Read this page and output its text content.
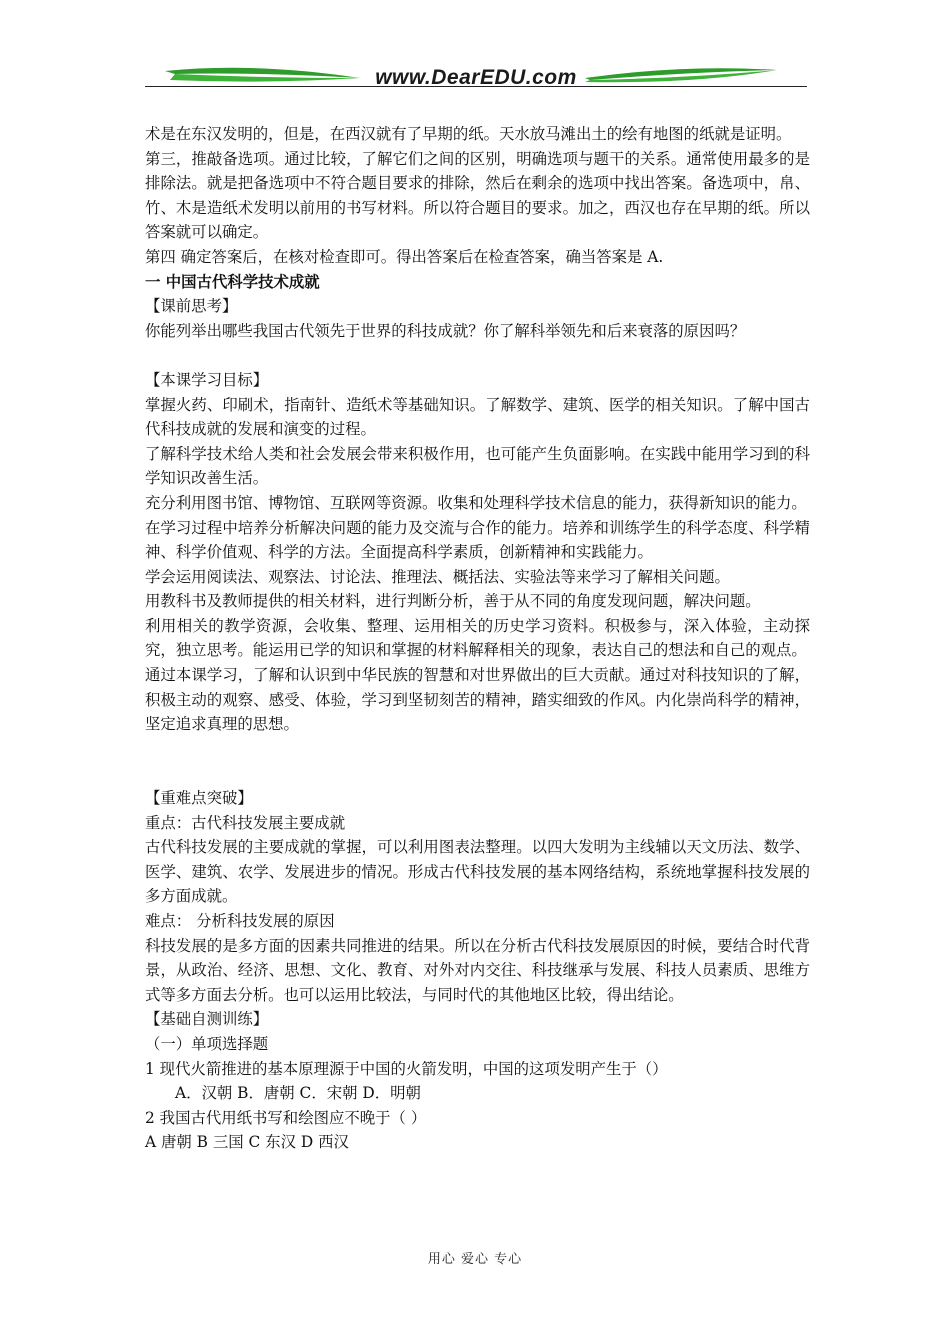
www.DearEDU.com

术是在东汉发明的，但是，在西汉就有了早期的纸。天水放马滩出土的绘有地图的纸就是证明。

第三，推敲备选项。通过比较，了解它们之间的区别，明确选项与题干的关系。通常使用最多的是排除法。就是把备选项中不符合题目要求的排除，然后在剩余的选项中找出答案。备选项中，帛、竹、木是造纸术发明以前用的书写材料。所以符合题目的要求。加之，西汉也存在早期的纸。所以答案就可以确定。

第四 确定答案后，在核对检查即可。得出答案后在检查答案，确当答案是 A.

一 中国古代科学技术成就

【课前思考】

你能列举出哪些我国古代领先于世界的科技成就？你了解科举领先和后来衰落的原因吗？

【本课学习目标】

掌握火药、印刷术，指南针、造纸术等基础知识。了解数学、建筑、医学的相关知识。了解中国古代科技成就的发展和演变的过程。

了解科学技术给人类和社会发展会带来积极作用，也可能产生负面影响。在实践中能用学习到的科学知识改善生活。

充分利用图书馆、博物馆、互联网等资源。收集和处理科学技术信息的能力，获得新知识的能力。

在学习过程中培养分析解决问题的能力及交流与合作的能力。培养和训练学生的科学态度、科学精神、科学价值观、科学的方法。全面提高科学素质，创新精神和实践能力。

学会运用阅读法、观察法、讨论法、推理法、概括法、实验法等来学习了解相关问题。

用教科书及教师提供的相关材料，进行判断分析，善于从不同的角度发现问题，解决问题。

利用相关的教学资源，会收集、整理、运用相关的历史学习资料。积极参与，深入体验，主动探究，独立思考。能运用已学的知识和掌握的材料解释相关的现象，表达自己的想法和自己的观点。

通过本课学习，了解和认识到中华民族的智慧和对世界做出的巨大贡献。通过对科技知识的了解，积极主动的观察、感受、体验，学习到坚韧刻苦的精神，踏实细致的作风。内化崇尚科学的精神，坚定追求真理的思想。

【重难点突破】

重点：古代科技发展主要成就

古代科技发展的主要成就的掌握，可以利用图表法整理。以四大发明为主线辅以天文历法、数学、医学、建筑、农学、发展进步的情况。形成古代科技发展的基本网络结构，系统地掌握科技发展的多方面成就。

难点： 分析科技发展的原因

科技发展的是多方面的因素共同推进的结果。所以在分析古代科技发展原因的时候，要结合时代背景，从政治、经济、思想、文化、教育、对外对内交往、科技继承与发展、科技人员素质、思维方式等多方面去分析。也可以运用比较法，与同时代的其他地区比较，得出结论。

【基础自测训练】

（一）单项选择题

1 现代火箭推进的基本原理源于中国的火箭发明，中国的这项发明产生于（）

A．汉朝 B．唐朝 C．宋朝 D．明朝

2 我国古代用纸书写和绘图应不晚于（ ）

A 唐朝 B 三国 C 东汉 D 西汉

用心 爱心 专心
